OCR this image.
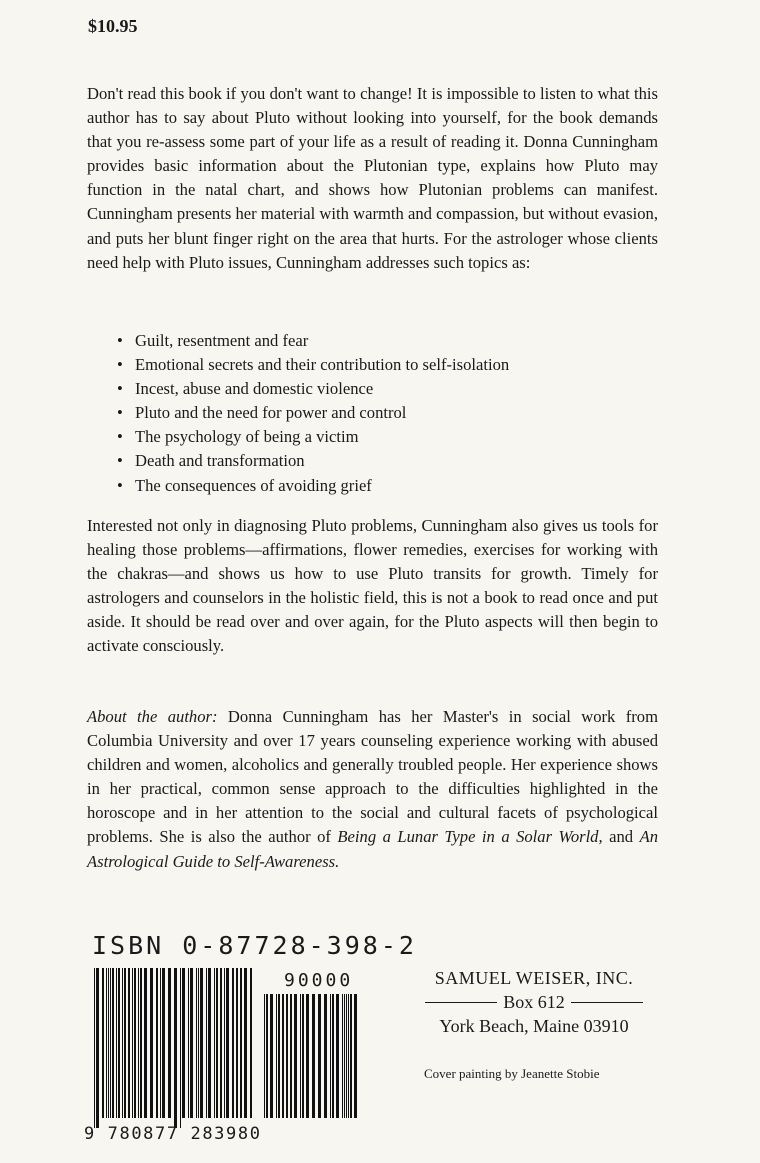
$10.95

Don't read this book if you don't want to change! It is impossible to listen to what this author has to say about Pluto without looking into yourself, for the book demands that you re-assess some part of your life as a result of reading it. Donna Cunningham provides basic information about the Plutonian type, explains how Pluto may function in the natal chart, and shows how Plutonian problems can manifest. Cunningham presents her material with warmth and compassion, but without evasion, and puts her blunt finger right on the area that hurts. For the astrologer whose clients need help with Pluto issues, Cunningham addresses such topics as:

• Guilt, resentment and fear
• Emotional secrets and their contribution to self-isolation
• Incest, abuse and domestic violence
• Pluto and the need for power and control
• The psychology of being a victim
• Death and transformation
• The consequences of avoiding grief

Interested not only in diagnosing Pluto problems, Cunningham also gives us tools for healing those problems—affirmations, flower remedies, exercises for working with the chakras—and shows us how to use Pluto transits for growth. Timely for astrologers and counselors in the holistic field, this is not a book to read once and put aside. It should be read over and over again, for the Pluto aspects will then begin to activate consciously.

About the author: Donna Cunningham has her Master's in social work from Columbia University and over 17 years counseling experience working with abused children and women, alcoholics and generally troubled people. Her experience shows in her practical, common sense approach to the difficulties highlighted in the horoscope and in her attention to the social and cultural facets of psychological problems. She is also the author of Being a Lunar Type in a Solar World, and An Astrological Guide to Self-Awareness.

ISBN 0-87728-398-2
90000
9 780877 283980
SAMUEL WEISER, INC.
Box 612
York Beach, Maine 03910
Cover painting by Jeanette Stobie
